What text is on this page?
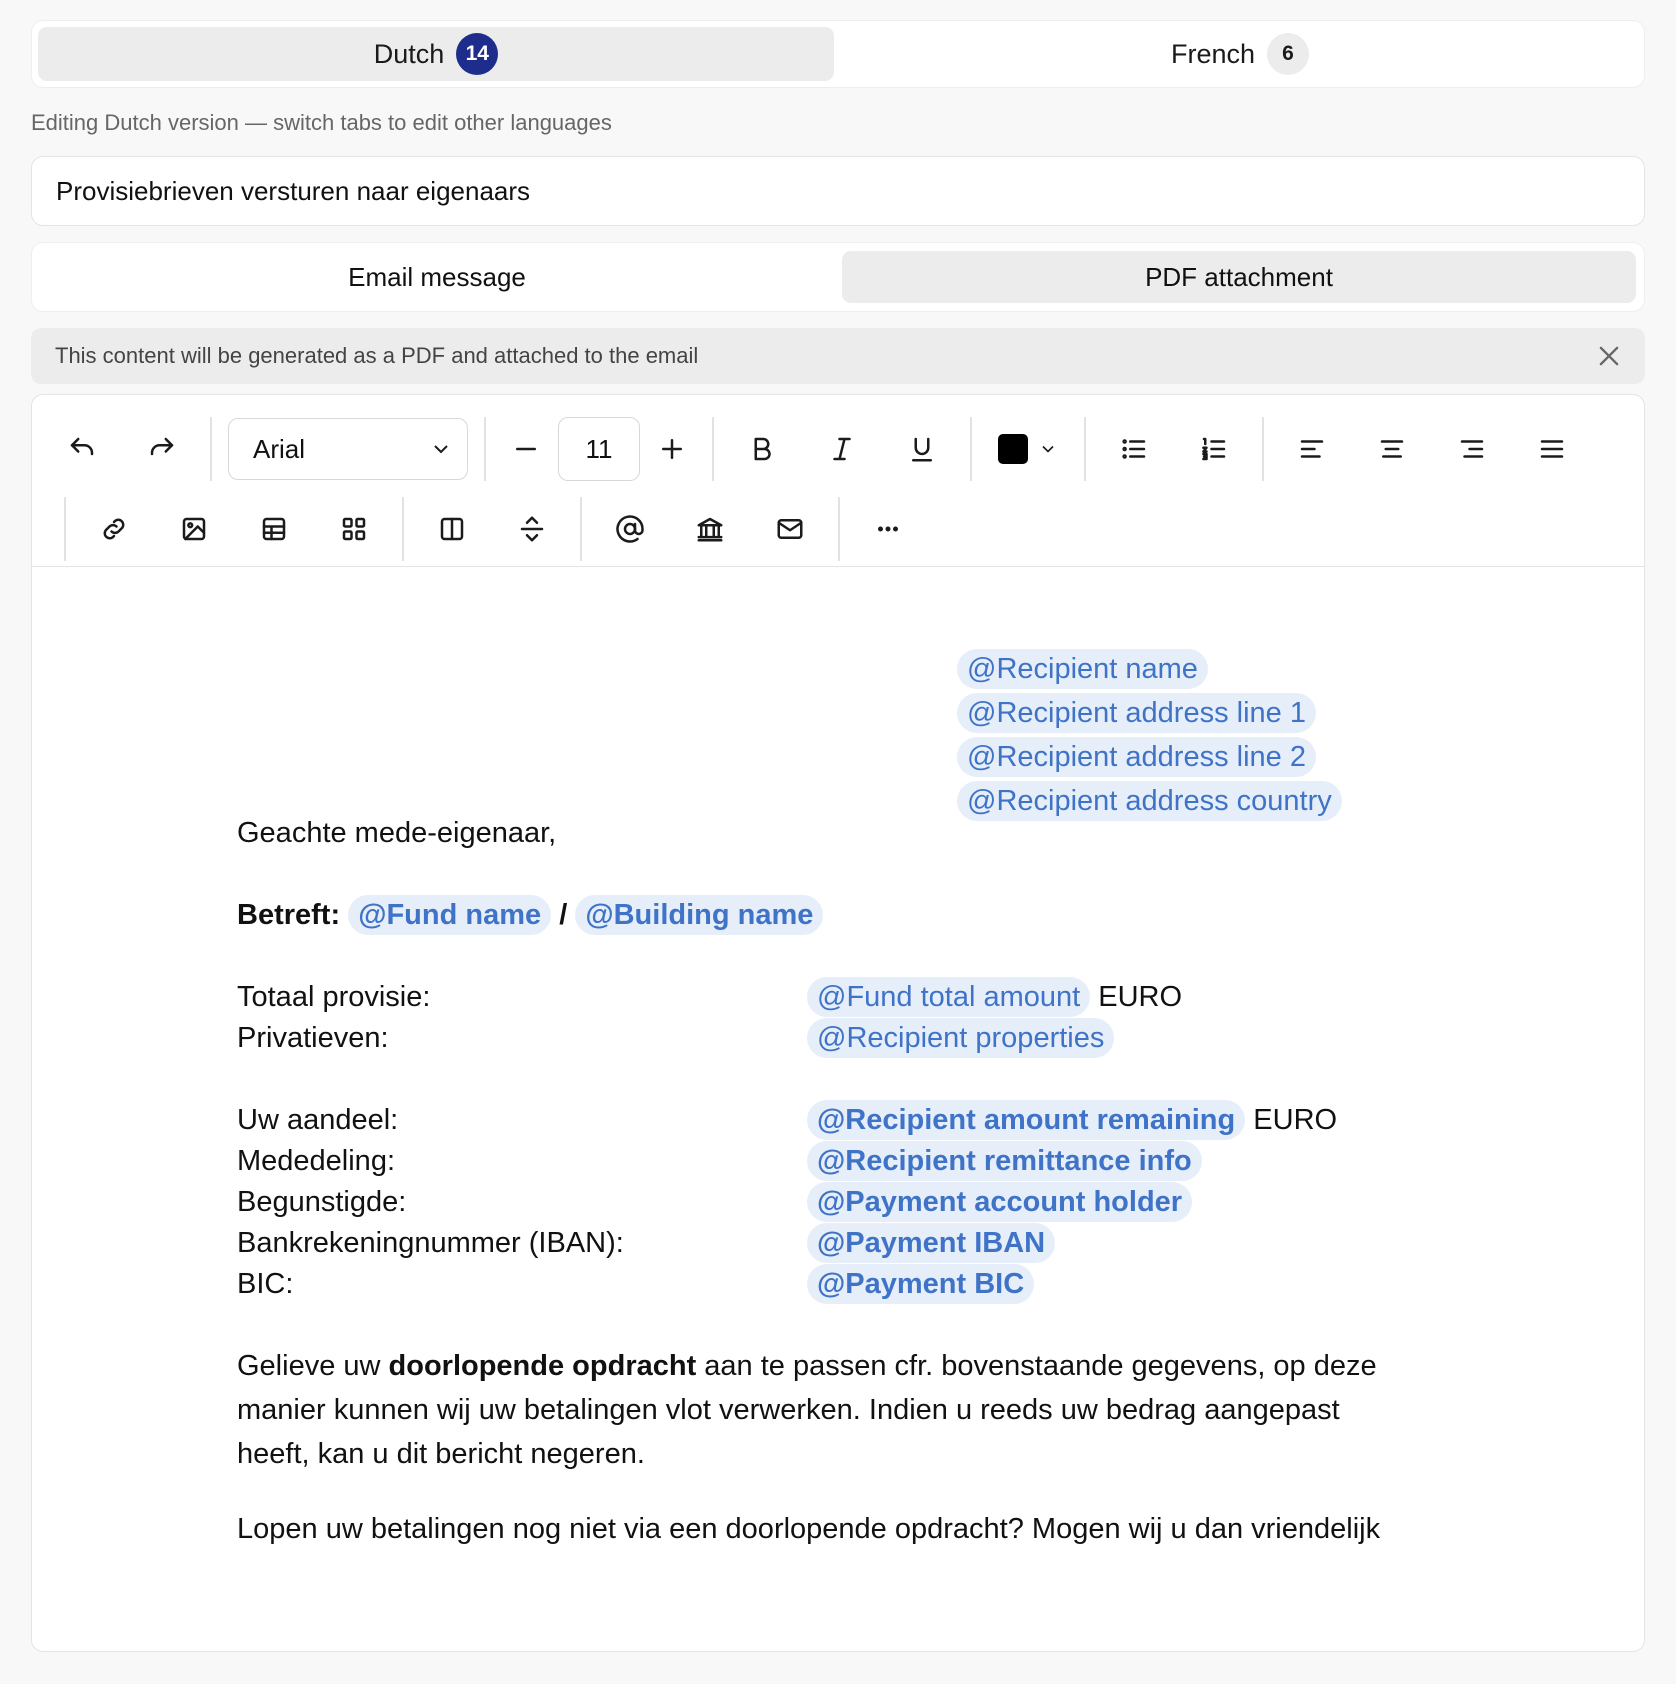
Dutch	14	French	6
Editing Dutch version — switch tabs to edit other languages
Provisiebrieven versturen naar eigenaars
Email message	PDF attachment
This content will be generated as a PDF and attached to the email
Arial	11
@Recipient name
@Recipient address line 1
@Recipient address line 2
@Recipient address country
Geachte mede-eigenaar,
Betreft: @Fund name / @Building name
Totaal provisie:	@Fund total amount EURO
Privatieven:	@Recipient properties
Uw aandeel:	@Recipient amount remaining EURO
Mededeling:	@Recipient remittance info
Begunstigde:	@Payment account holder
Bankrekeningnummer (IBAN):	@Payment IBAN
BIC:	@Payment BIC
Gelieve uw doorlopende opdracht aan te passen cfr. bovenstaande gegevens, op deze manier kunnen wij uw betalingen vlot verwerken. Indien u reeds uw bedrag aangepast heeft, kan u dit bericht negeren.
Lopen uw betalingen nog niet via een doorlopende opdracht? Mogen wij u dan vriendelijk
